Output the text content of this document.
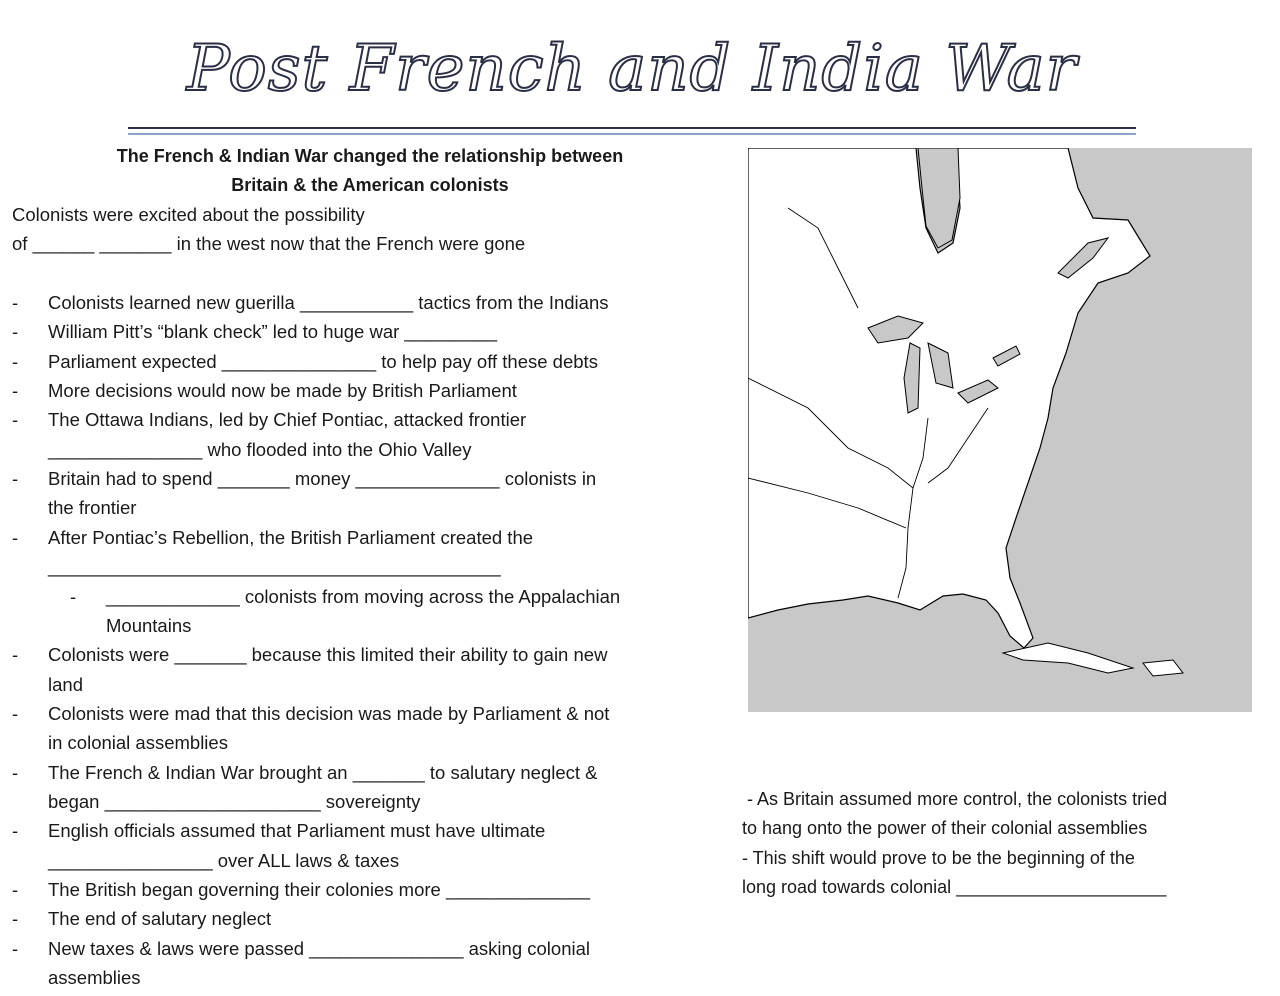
Post French and India War
The French & Indian War changed the relationship between
Britain & the American colonists
Colonists were excited about the possibility
of ______ _______ in the west now that the French were gone
- Colonists learned new guerilla ___________ tactics from the Indians
- William Pitt’s “blank check” led to huge war _________
- Parliament expected _______________ to help pay off these debts
- More decisions would now be made by British Parliament
- The Ottawa Indians, led by Chief Pontiac, attacked frontier
_______________ who flooded into the Ohio Valley
- Britain had to spend _______ money ______________ colonists in
the frontier
- After Pontiac’s Rebellion, the British Parliament created the
____________________________________________
- _____________ colonists from moving across the Appalachian
Mountains
- Colonists were _______ because this limited their ability to gain new
land
- Colonists were mad that this decision was made by Parliament & not
in colonial assemblies
- The French & Indian War brought an _______ to salutary neglect &
began _____________________ sovereignty
- English officials assumed that Parliament must have ultimate
________________ over ALL laws & taxes
- The British began governing their colonies more ______________
- The end of salutary neglect
- New taxes & laws were passed _______________ asking colonial
assemblies
- As Britain assumed more control, the colonists tried
to hang onto the power of their colonial assemblies
- This shift would prove to be the beginning of the
long road towards colonial _____________________
